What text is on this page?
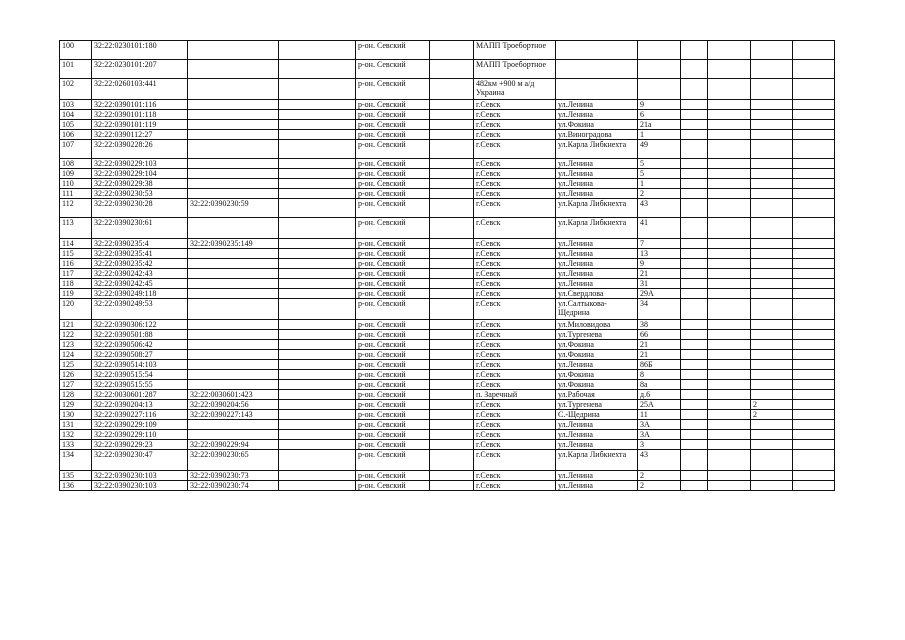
100	32:22:0230101:180			р-он. Севский		МАПП Троебортное						
101	32:22:0230101:207			р-он. Севский		МАПП Троебортное						
102	32:22:0260103:441			р-он. Севский		482км +900 м а/д Украина						
103	32:22:0390101:116			р-он. Севский		г.Севск	ул.Ленина	9				
104	32:22:0390101:118			р-он. Севский		г.Севск	ул.Ленина	6				
105	32:22:0390101:119			р-он. Севский		г.Севск	ул.Фокина	21а				
106	32:22:0390112:27			р-он. Севский		г.Севск	ул.Виноградова	1				
107	32:22:0390228:26			р-он. Севский		г.Севск	ул.Карла Либкнехта	49				
108	32:22:0390229:103			р-он. Севский		г.Севск	ул.Ленина	5				
109	32:22:0390229:104			р-он. Севский		г.Севск	ул.Ленина	5				
110	32:22:0390229:38			р-он. Севский		г.Севск	ул.Ленина	1				
111	32:22:0390230:53			р-он. Севский		г.Севск	ул.Ленина	2				
112	32:22:0390230:28	32:22:0390230:59		р-он. Севский		г.Севск	ул.Карла Либкнехта	43				
113	32:22:0390230:61			р-он. Севский		г.Севск	ул.Карла Либкнехта	41				
114	32:22:0390235:4	32:22:0390235:149		р-он. Севский		г.Севск	ул.Ленина	7				
115	32:22:0390235:41			р-он. Севский		г.Севск	ул.Ленина	13				
116	32:22:0390235:42			р-он. Севский		г.Севск	ул.Ленина	9				
117	32:22:0390242:43			р-он. Севский		г.Севск	ул.Ленина	21				
118	32:22:0390242:45			р-он. Севский		г.Севск	ул.Ленина	31				
119	32:22:0390249:118			р-он. Севский		г.Севск	ул.Свердлова	29А				
120	32:22:0390249:53			р-он. Севский		г.Севск	ул.Салтыкова-Щедрина	34				
121	32:22:0390306:122			р-он. Севский		г.Севск	ул.Миловидова	38				
122	32:22:0390501:88			р-он. Севский		г.Севск	ул.Тургенева	66				
123	32:22:0390506:42			р-он. Севский		г.Севск	ул.Фокина	21				
124	32:22:0390508:27			р-он. Севский		г.Севск	ул.Фокина	21				
125	32:22:0390514:103			р-он. Севский		г.Севск	ул.Ленина	86Б				
126	32:22:0390515:54			р-он. Севский		г.Севск	ул.Фокина	8				
127	32:22:0390515:55			р-он. Севский		г.Севск	ул.Фокина	8а				
128	32:22:0030601:287	32:22:0030601:423		р-он. Севский		п. Заречный	ул.Рабочая	д.6				
129	32:22:0390204:13	32:22:0390204:56		р-он. Севский		г.Севск	ул.Тургенева	25А			2	
130	32:22:0390227:116	32:22:0390227:143		р-он. Севский		г.Севск	С.-Щедрина	11			2	
131	32:22:0390229:109			р-он. Севский		г.Севск	ул.Ленина	3А				
132	32:22:0390229:110			р-он. Севский		г.Севск	ул.Ленина	3А				
133	32:22:0390229:23	32:22:0390229:94		р-он. Севский		г.Севск	ул.Ленина	3				
134	32:22:0390230:47	32:22:0390230:65		р-он. Севский		г.Севск	ул.Карла Либкнехта	43				
135	32:22:0390230:103	32:22:0390230:73		р-он. Севский		г.Севск	ул.Ленина	2				
136	32:22:0390230:103	32:22:0390230:74		р-он. Севский		г.Севск	ул.Ленина	2				
